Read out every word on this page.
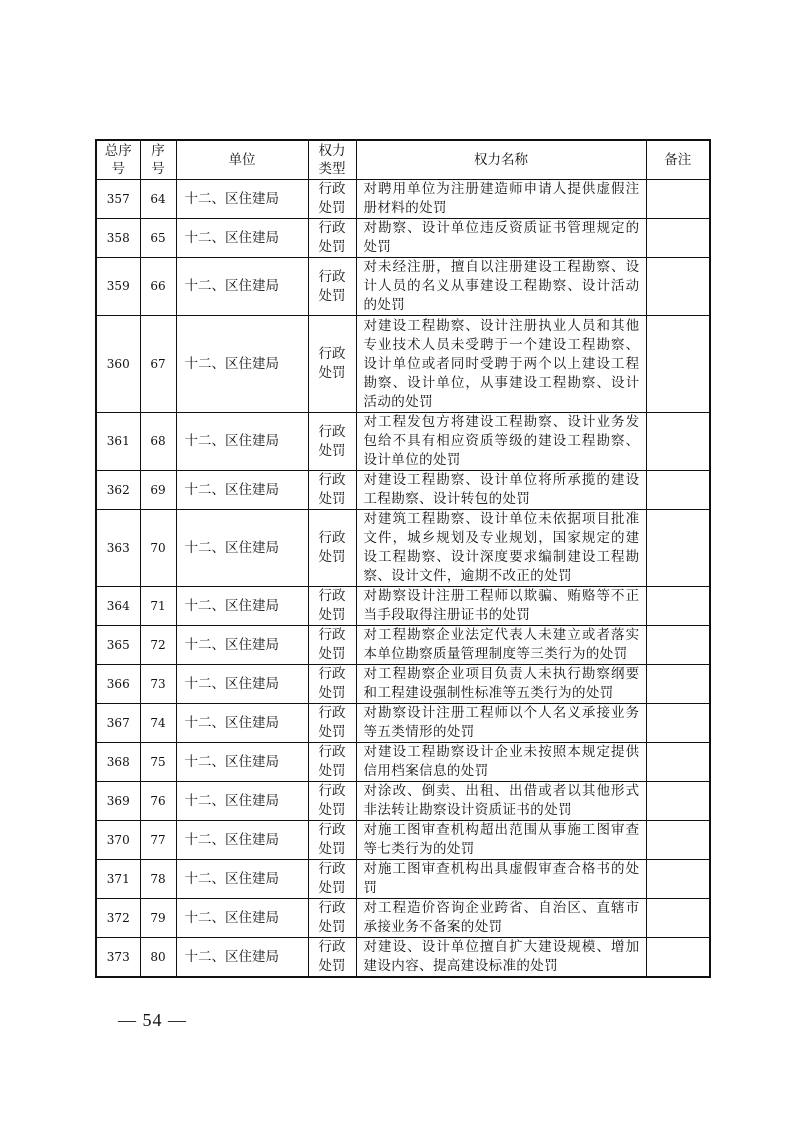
总序号	序号	单位	权力类型	权力名称	备注
357	64	十二、区住建局	行政处罚	对聘用单位为注册建造师申请人提供虚假注册材料的处罚	
358	65	十二、区住建局	行政处罚	对勘察、设计单位违反资质证书管理规定的处罚	
359	66	十二、区住建局	行政处罚	对未经注册，擅自以注册建设工程勘察、设计人员的名义从事建设工程勘察、设计活动的处罚	
360	67	十二、区住建局	行政处罚	对建设工程勘察、设计注册执业人员和其他专业技术人员未受聘于一个建设工程勘察、设计单位或者同时受聘于两个以上建设工程勘察、设计单位，从事建设工程勘察、设计活动的处罚	
361	68	十二、区住建局	行政处罚	对工程发包方将建设工程勘察、设计业务发包给不具有相应资质等级的建设工程勘察、设计单位的处罚	
362	69	十二、区住建局	行政处罚	对建设工程勘察、设计单位将所承揽的建设工程勘察、设计转包的处罚	
363	70	十二、区住建局	行政处罚	对建筑工程勘察、设计单位未依据项目批准文件，城乡规划及专业规划，国家规定的建设工程勘察、设计深度要求编制建设工程勘察、设计文件，逾期不改正的处罚	
364	71	十二、区住建局	行政处罚	对勘察设计注册工程师以欺骗、贿赂等不正当手段取得注册证书的处罚	
365	72	十二、区住建局	行政处罚	对工程勘察企业法定代表人未建立或者落实本单位勘察质量管理制度等三类行为的处罚	
366	73	十二、区住建局	行政处罚	对工程勘察企业项目负责人未执行勘察纲要和工程建设强制性标准等五类行为的处罚	
367	74	十二、区住建局	行政处罚	对勘察设计注册工程师以个人名义承接业务等五类情形的处罚	
368	75	十二、区住建局	行政处罚	对建设工程勘察设计企业未按照本规定提供信用档案信息的处罚	
369	76	十二、区住建局	行政处罚	对涂改、倒卖、出租、出借或者以其他形式非法转让勘察设计资质证书的处罚	
370	77	十二、区住建局	行政处罚	对施工图审查机构超出范围从事施工图审查等七类行为的处罚	
371	78	十二、区住建局	行政处罚	对施工图审查机构出具虚假审查合格书的处罚	
372	79	十二、区住建局	行政处罚	对工程造价咨询企业跨省、自治区、直辖市承接业务不备案的处罚	
373	80	十二、区住建局	行政处罚	对建设、设计单位擅自扩大建设规模、增加建设内容、提高建设标准的处罚	
— 54 —
